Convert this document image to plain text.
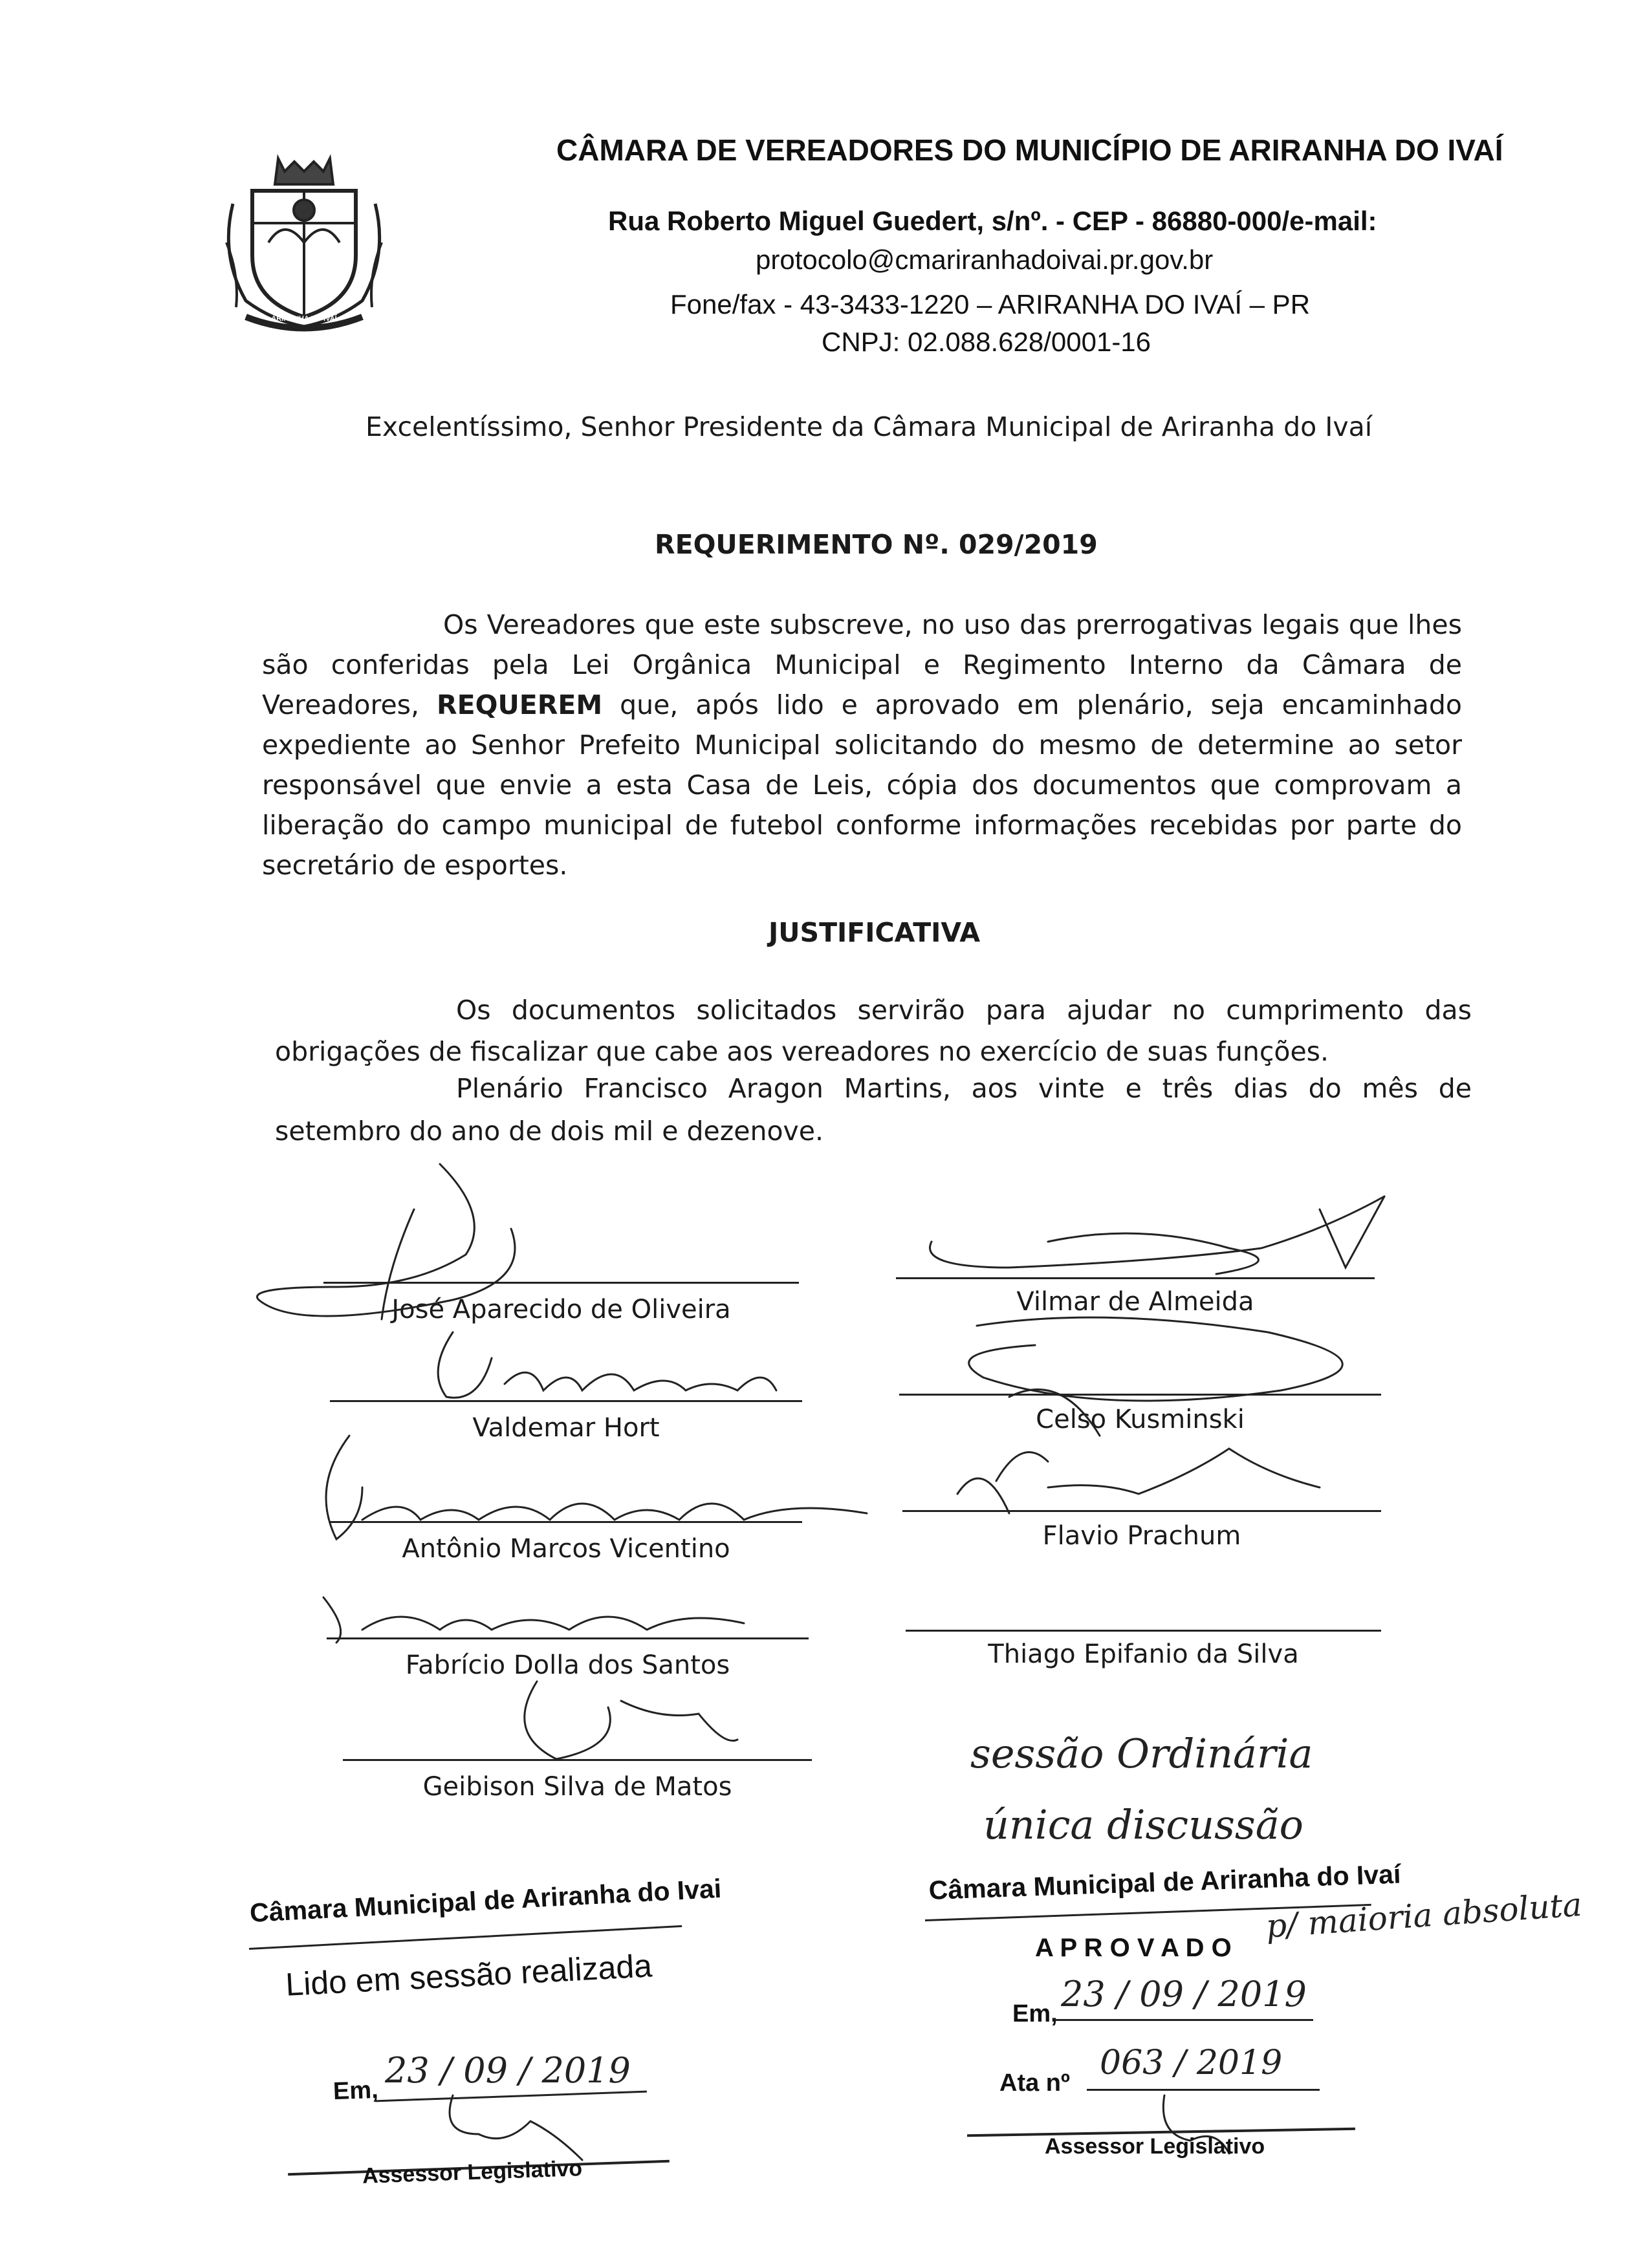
ARIRANHA DO IVAÍ
CÂMARA DE VEREADORES DO MUNICÍPIO DE ARIRANHA DO IVAÍ
Rua Roberto Miguel Guedert, s/nº. - CEP - 86880-000/e-mail:
protocolo@cmariranhadoivai.pr.gov.br
Fone/fax - 43-3433-1220 – ARIRANHA DO IVAÍ – PR
CNPJ: 02.088.628/0001-16
Excelentíssimo, Senhor Presidente da Câmara Municipal de Ariranha do Ivaí
REQUERIMENTO Nº. 029/2019
Os Vereadores que este subscreve, no uso das prerrogativas legais que lhes são conferidas pela Lei Orgânica Municipal e Regimento Interno da Câmara de Vereadores, REQUEREM que, após lido e aprovado em plenário, seja encaminhado expediente ao Senhor Prefeito Municipal solicitando do mesmo de determine ao setor responsável que envie a esta Casa de Leis, cópia dos documentos que comprovam a liberação do campo municipal de futebol conforme informações recebidas por parte do secretário de esportes.
JUSTIFICATIVA
Os documentos solicitados servirão para ajudar no cumprimento das obrigações de fiscalizar que cabe aos vereadores no exercício de suas funções.
Plenário Francisco Aragon Martins, aos vinte e três dias do mês de setembro do ano de dois mil e dezenove.
José Aparecido de Oliveira
Valdemar Hort
Antônio Marcos Vicentino
Fabrício Dolla dos Santos
Geibison Silva de Matos
Vilmar de Almeida
Celso Kusminski
Flavio Prachum
Thiago Epifanio da Silva
sessão Ordinária
única discussão
Câmara Municipal de Ariranha do Ivai
Lido em sessão realizada
Em,
23 / 09 / 2019
Assessor Legislativo
Câmara Municipal de Ariranha do Ivaí
A P R O V A D O
p/ maioria absoluta
Em, 23 / 09 / 2019
Ata nº
063 / 2019
Assessor Legislativo
